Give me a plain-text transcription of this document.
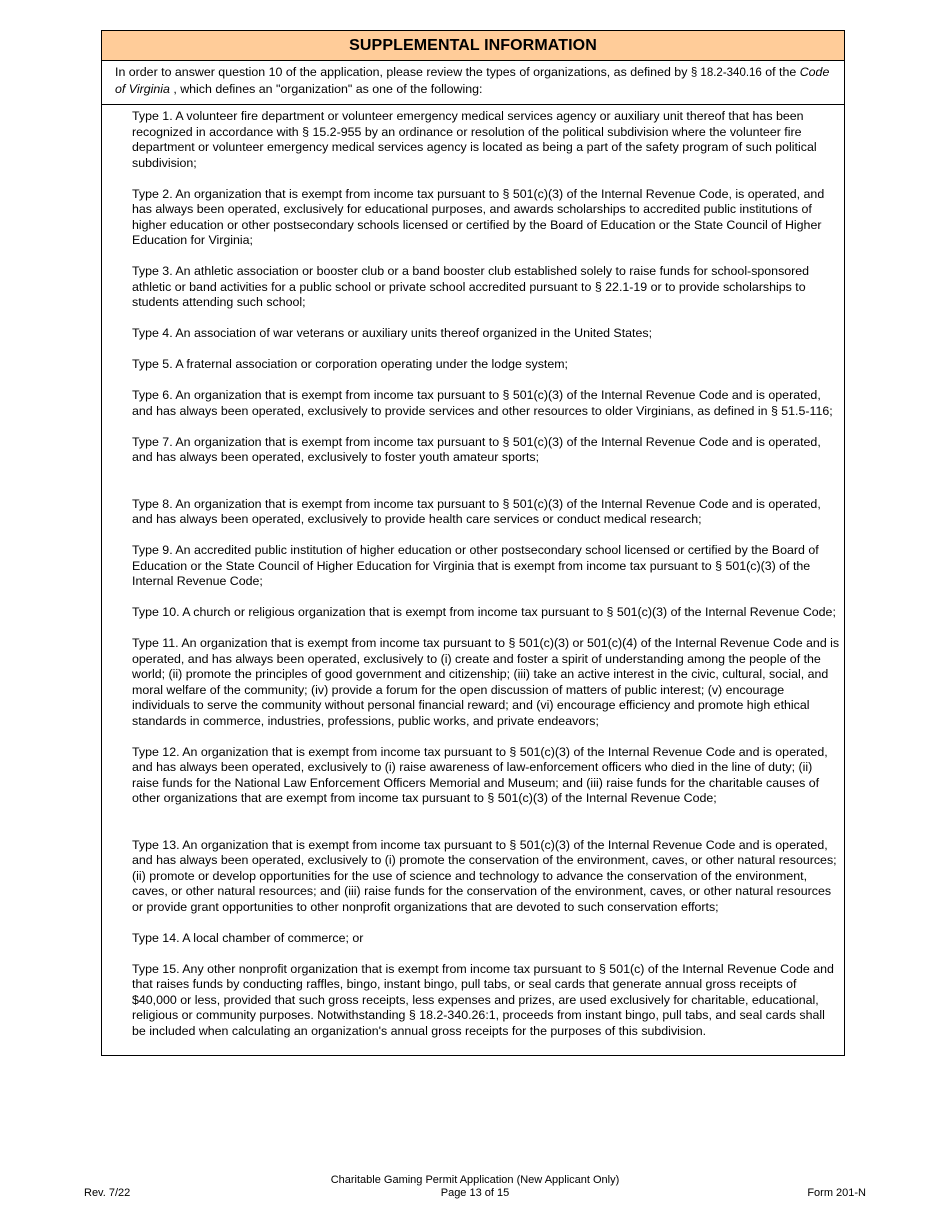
SUPPLEMENTAL INFORMATION
In order to answer question 10 of the application, please review the types of organizations, as defined by § 18.2-340.16 of the Code of Virginia , which defines an "organization" as one of the following:

Type 1. A volunteer fire department or volunteer emergency medical services agency or auxiliary unit thereof that has been recognized in accordance with § 15.2-955 by an ordinance or resolution of the political subdivision where the volunteer fire department or volunteer emergency medical services agency is located as being a part of the safety program of such political subdivision;

Type 2. An organization that is exempt from income tax pursuant to § 501(c)(3) of the Internal Revenue Code, is operated, and has always been operated, exclusively for educational purposes, and awards scholarships to accredited public institutions of higher education or other postsecondary schools licensed or certified by the Board of Education or the State Council of Higher Education for Virginia;

Type 3. An athletic association or booster club or a band booster club established solely to raise funds for school-sponsored athletic or band activities for a public school or private school accredited pursuant to § 22.1-19 or to provide scholarships to students attending such school;

Type 4. An association of war veterans or auxiliary units thereof organized in the United States;

Type 5. A fraternal association or corporation operating under the lodge system;

Type 6. An organization that is exempt from income tax pursuant to § 501(c)(3) of the Internal Revenue Code and is operated, and has always been operated, exclusively to provide services and other resources to older Virginians, as defined in § 51.5-116;

Type 7. An organization that is exempt from income tax pursuant to § 501(c)(3) of the Internal Revenue Code and is operated, and has always been operated, exclusively to foster youth amateur sports;

Type 8. An organization that is exempt from income tax pursuant to § 501(c)(3) of the Internal Revenue Code and is operated, and has always been operated, exclusively to provide health care services or conduct medical research;

Type 9. An accredited public institution of higher education or other postsecondary school licensed or certified by the Board of Education or the State Council of Higher Education for Virginia that is exempt from income tax pursuant to § 501(c)(3) of the Internal Revenue Code;

Type 10. A church or religious organization that is exempt from income tax pursuant to § 501(c)(3) of the Internal Revenue Code;

Type 11. An organization that is exempt from income tax pursuant to § 501(c)(3) or 501(c)(4) of the Internal Revenue Code and is operated, and has always been operated, exclusively to (i) create and foster a spirit of understanding among the people of the world; (ii) promote the principles of good government and citizenship; (iii) take an active interest in the civic, cultural, social, and moral welfare of the community; (iv) provide a forum for the open discussion of matters of public interest; (v) encourage individuals to serve the community without personal financial reward; and (vi) encourage efficiency and promote high ethical standards in commerce, industries, professions, public works, and private endeavors;

Type 12. An organization that is exempt from income tax pursuant to § 501(c)(3) of the Internal Revenue Code and is operated, and has always been operated, exclusively to (i) raise awareness of law-enforcement officers who died in the line of duty; (ii) raise funds for the National Law Enforcement Officers Memorial and Museum; and (iii) raise funds for the charitable causes of other organizations that are exempt from income tax pursuant to § 501(c)(3) of the Internal Revenue Code;

Type 13. An organization that is exempt from income tax pursuant to § 501(c)(3) of the Internal Revenue Code and is operated, and has always been operated, exclusively to (i) promote the conservation of the environment, caves, or other natural resources; (ii) promote or develop opportunities for the use of science and technology to advance the conservation of the environment, caves, or other natural resources; and (iii) raise funds for the conservation of the environment, caves, or other natural resources or provide grant opportunities to other nonprofit organizations that are devoted to such conservation efforts;

Type 14. A local chamber of commerce; or

Type 15. Any other nonprofit organization that is exempt from income tax pursuant to § 501(c) of the Internal Revenue Code and that raises funds by conducting raffles, bingo, instant bingo, pull tabs, or seal cards that generate annual gross receipts of $40,000 or less, provided that such gross receipts, less expenses and prizes, are used exclusively for charitable, educational, religious or community purposes. Notwithstanding § 18.2-340.26:1, proceeds from instant bingo, pull tabs, and seal cards shall be included when calculating an organization's annual gross receipts for the purposes of this subdivision.

Rev. 7/22
Charitable Gaming Permit Application (New Applicant Only)
Page 13 of 15	Form 201-N
